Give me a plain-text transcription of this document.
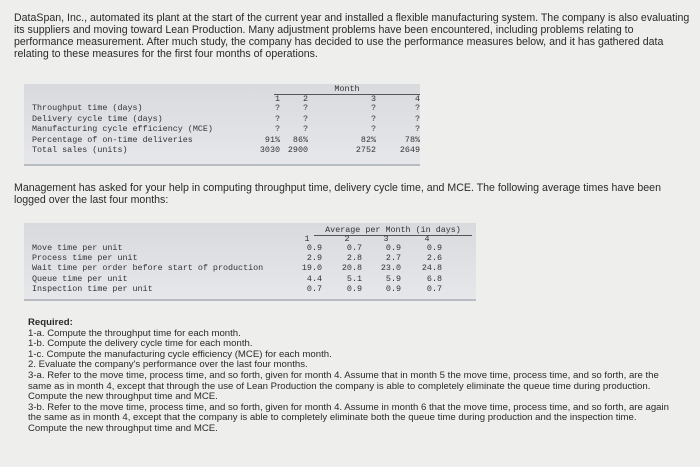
DataSpan, Inc., automated its plant at the start of the current year and installed a flexible manufacturing system. The company is also evaluating its suppliers and moving toward Lean Production. Many adjustment problems have been encountered, including problems relating to performance measurement. After much study, the company has decided to use the performance measures below, and it has gathered data relating to these measures for the first four months of operations.
Month
1	2	3	4
Throughput time (days)	?	?	?	?
Delivery cycle time (days)	?	?	?	?
Manufacturing cycle efficiency (MCE)	?	?	?	?
Percentage of on-time deliveries	91%	86%	82%	78%
Total sales (units)	3030 2900	2752	2649
Management has asked for your help in computing throughput time, delivery cycle time, and MCE. The following average times have been logged over the last four months:
Average per Month (in days)
1	2	3	4
Move time per unit	0.9	0.7	0.9	0.9
Process time per unit	2.9	2.8	2.7	2.6
Wait time per order before start of production	19.0	20.8	23.0	24.8
Queue time per unit	4.4	5.1	5.9	6.8
Inspection time per unit	0.7	0.9	0.9	0.7
Required:
1-a. Compute the throughput time for each month.
1-b. Compute the delivery cycle time for each month.
1-c. Compute the manufacturing cycle efficiency (MCE) for each month.
2. Evaluate the company's performance over the last four months.
3-a. Refer to the move time, process time, and so forth, given for month 4. Assume that in month 5 the move time, process time, and so forth, are the same as in month 4, except that through the use of Lean Production the company is able to completely eliminate the queue time during production. Compute the new throughput time and MCE.
3-b. Refer to the move time, process time, and so forth, given for month 4. Assume in month 6 that the move time, process time, and so forth, are again the same as in month 4, except that the company is able to completely eliminate both the queue time during production and the inspection time. Compute the new throughput time and MCE.
